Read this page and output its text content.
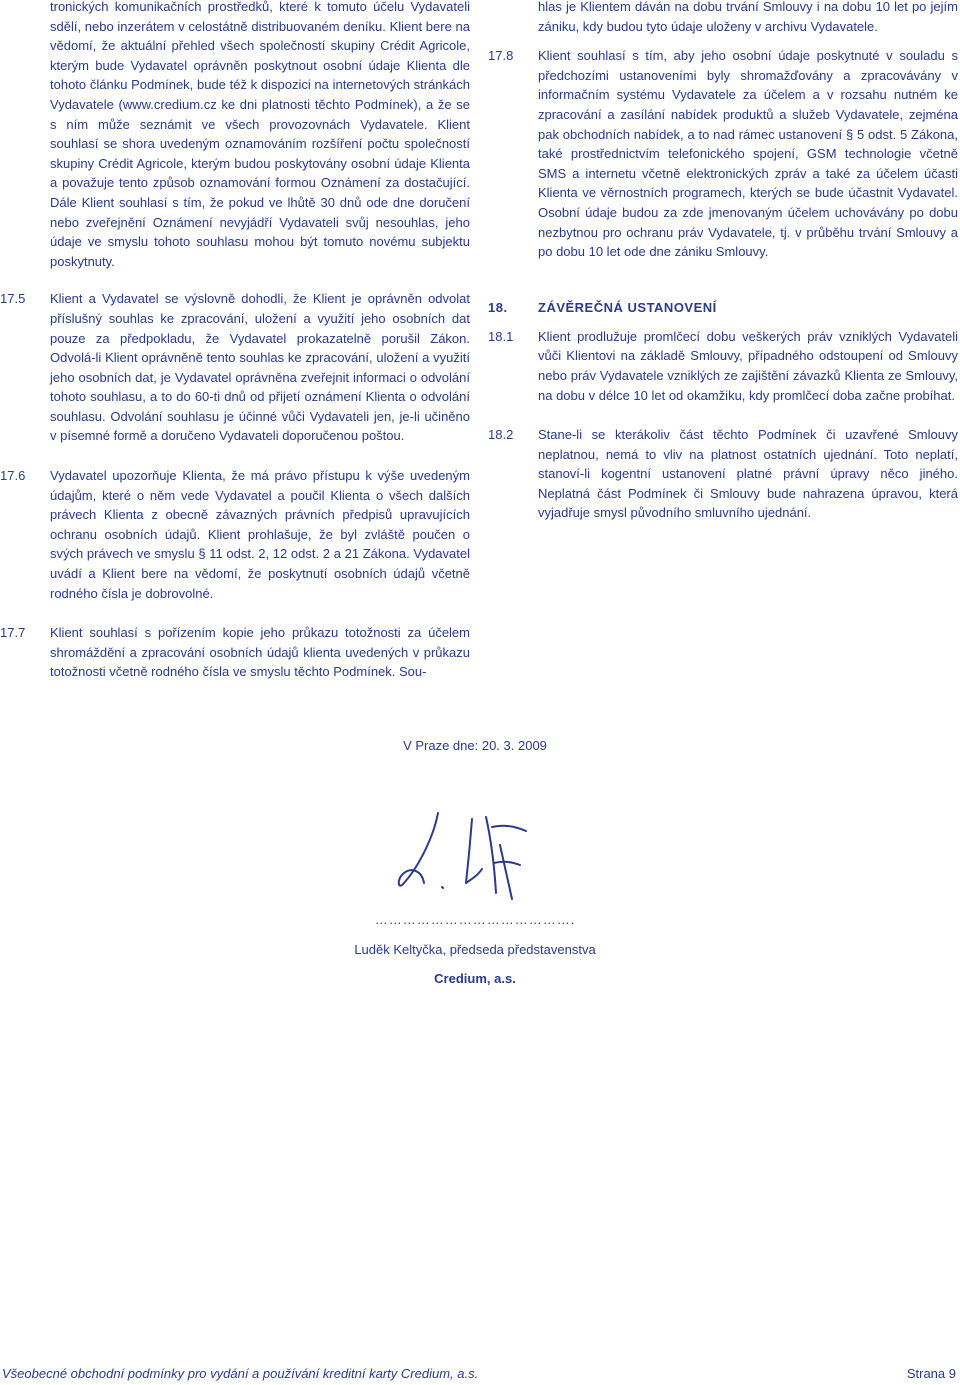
tronických komunikačních prostředků, které k tomuto účelu Vydavateli sdělí, nebo inzerátem v celostátně distribuovaném deníku. Klient bere na vědomí, že aktuální přehled všech společností skupiny Crédit Agricole, kterým bude Vydavatel oprávněn poskytnout osobní údaje Klienta dle tohoto článku Podmínek, bude též k dispozici na internetových stránkách Vydavatele (www.credium.cz ke dni platnosti těchto Podmínek), a že se s ním může seznámit ve všech provozovnách Vydavatele. Klient souhlasí se shora uvedeným oznamováním rozšíření počtu společností skupiny Crédit Agricole, kterým budou poskytovány osobní údaje Klienta a považuje tento způsob oznamování formou Oznámení za dostačující. Dále Klient souhlasí s tím, že pokud ve lhůtě 30 dnů ode dne doručení nebo zveřejnění Oznámení nevyjádří Vydavateli svůj nesouhlas, jeho údaje ve smyslu tohoto souhlasu mohou být tomuto novému subjektu poskytnuty.
17.5 Klient a Vydavatel se výslovně dohodli, že Klient je oprávněn odvolat příslušný souhlas ke zpracování, uložení a využití jeho osobních dat pouze za předpokladu, že Vydavatel prokazatelně porušil Zákon. Odvolá-li Klient oprávněně tento souhlas ke zpracování, uložení a využití jeho osobních dat, je Vydavatel oprávněna zveřejnit informaci o odvolání tohoto souhlasu, a to do 60-ti dnů od přijetí oznámení Klienta o odvolání souhlasu. Odvolání souhlasu je účinné vůči Vydavateli jen, je-li učiněno v písemné formě a doručeno Vydavateli doporučenou poštou.
17.6 Vydavatel upozorňuje Klienta, že má právo přístupu k výše uvedeným údajům, které o něm vede Vydavatel a poučil Klienta o všech dalších právech Klienta z obecně závazných právních předpisů upravujících ochranu osobních údajů. Klient prohlašuje, že byl zvláště poučen o svých právech ve smyslu § 11 odst. 2, 12 odst. 2 a 21 Zákona. Vydavatel uvádí a Klient bere na vědomí, že poskytnutí osobních údajů včetně rodného čísla je dobrovolné.
17.7 Klient souhlasí s pořízením kopie jeho průkazu totožnosti za účelem shromáždění a zpracování osobních údajů klienta uvedených v průkazu totožnosti včetně rodného čísla ve smyslu těchto Podmínek. Sou-
hlas je Klientem dáván na dobu trvání Smlouvy i na dobu 10 let po jejím zániku, kdy budou tyto údaje uloženy v archivu Vydavatele.
17.8 Klient souhlasí s tím, aby jeho osobní údaje poskytnuté v souladu s předchozími ustanoveními byly shromažďovány a zpracovávány v informačním systému Vydavatele za účelem a v rozsahu nutném ke zpracování a zasílání nabídek produktů a služeb Vydavatele, zejména pak obchodních nabídek, a to nad rámec ustanovení § 5 odst. 5 Zákona, také prostřednictvím telefonického spojení, GSM technologie včetně SMS a internetu včetně elektronických zpráv a také za účelem účasti Klienta ve věrnostních programech, kterých se bude účastnit Vydavatel. Osobní údaje budou za zde jmenovaným účelem uchovávány po dobu nezbytnou pro ochranu práv Vydavatele, tj. v průběhu trvání Smlouvy a po dobu 10 let ode dne zániku Smlouvy.
18. ZÁVĚREČNÁ USTANOVENÍ
18.1 Klient prodlužuje promlčecí dobu veškerých práv vzniklých Vydavateli vůči Klientovi na základě Smlouvy, případného odstoupení od Smlouvy nebo práv Vydavatele vzniklých ze zajištění závazků Klienta ze Smlouvy, na dobu v délce 10 let od okamžiku, kdy promlčecí doba začne probíhat.
18.2 Stane-li se kterákoliv část těchto Podmínek či uzavřené Smlouvy neplatnou, nemá to vliv na platnost ostatních ujednání. Toto neplatí, stanoví-li kogentní ustanovení platné právní úpravy něco jiného. Neplatná část Podmínek či Smlouvy bude nahrazena úpravou, která vyjadřuje smysl původního smluvního ujednání.
V Praze dne: 20. 3. 2009
…………………………………….
Luděk Keltyčka, předseda představenstva
Credium, a.s.
Všeobecné obchodní podmínky pro vydání a používání kreditní karty Credium, a.s.	Strana 9
